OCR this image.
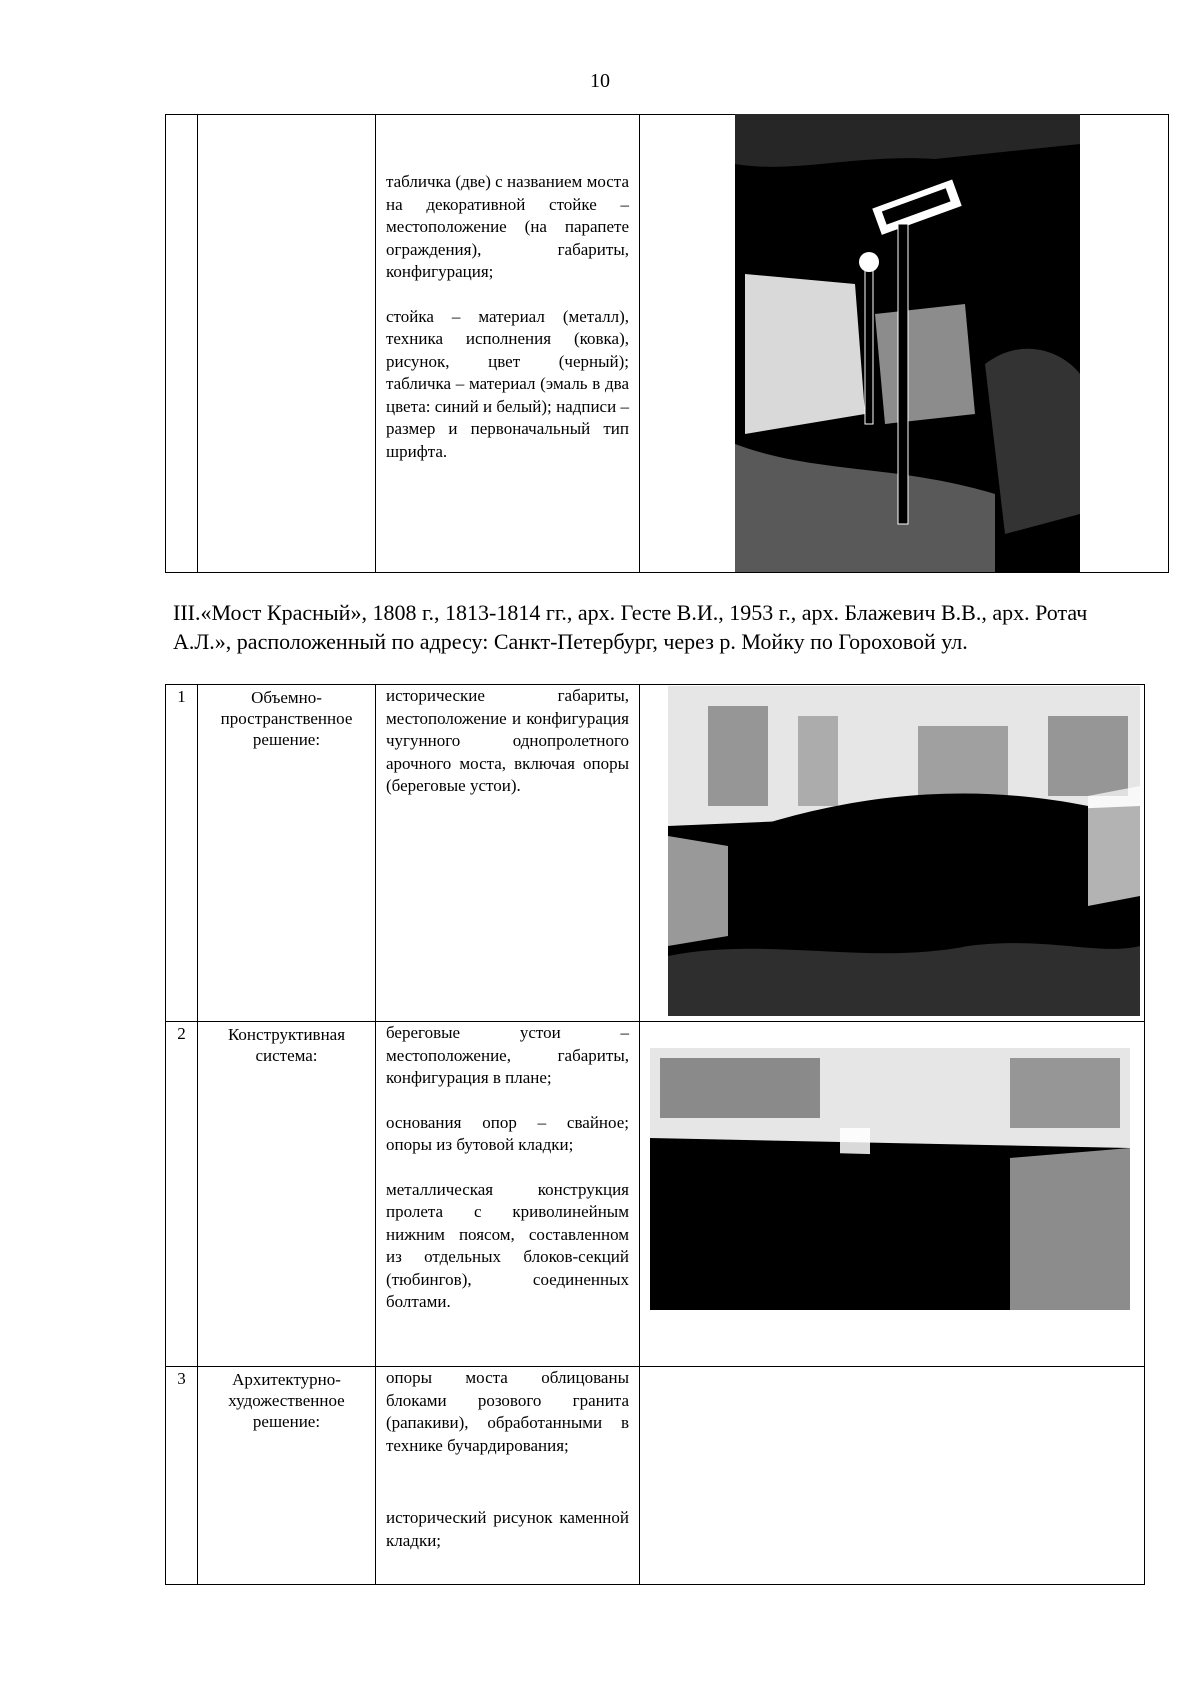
10

табличка (две) с названием моста на декоративной стойке – местоположение (на парапете ограждения), габариты, конфигурация;

стойка – материал (металл), техника исполнения (ковка), рисунок, цвет (черный); табличка – материал (эмаль в два цвета: синий и белый); надписи – размер и первоначальный тип шрифта.

III.«Мост Красный», 1808 г., 1813-1814 гг., арх. Гесте В.И., 1953 г., арх. Блажевич В.В., арх. Ротач А.Л.», расположенный по адресу: Санкт-Петербург, через р. Мойку по Гороховой ул.
1	Объемно-пространственное решение:	исторические габариты, местоположение и конфигурация чугунного однопролетного арочного моста, включая опоры (береговые устои).	

2	Конструктивная система:	береговые устои – местоположение, габариты, конфигурация в плане;

основания опор – свайное; опоры из бутовой кладки;

металлическая конструкция пролета с криволинейным нижним поясом, составленном из отдельных блоков-секций (тюбингов), соединенных болтами.	

3	Архитектурно-художественное решение:	опоры моста облицованы блоками розового гранита (рапакиви), обработанными в технике бучардирования;

исторический рисунок каменной кладки;	
